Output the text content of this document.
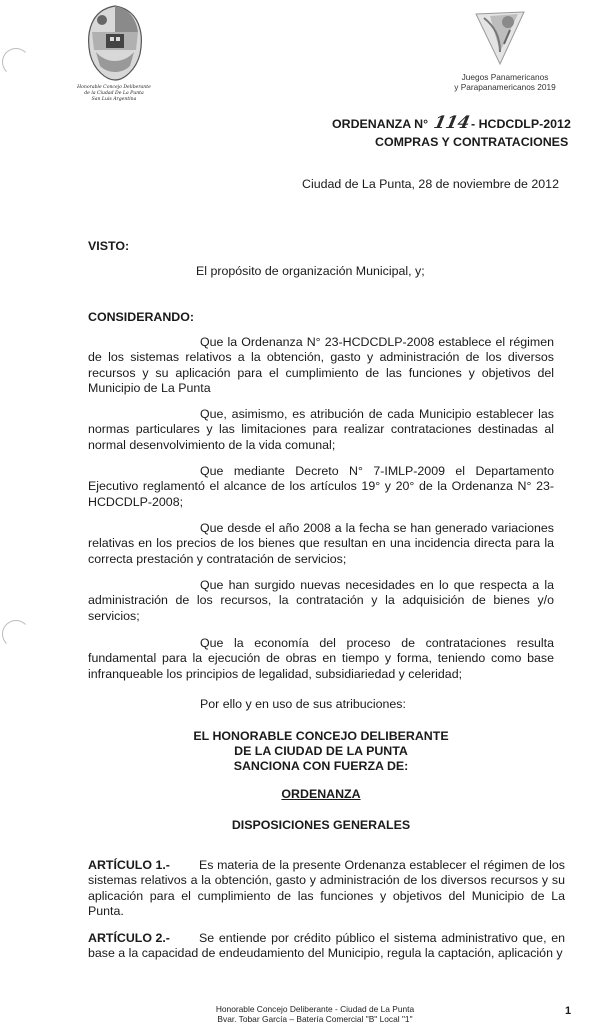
Honorable Concejo Deliberante
de la Ciudad De La Punta
San Luis Argentina
Juegos Panamericanos
y Parapanamericanos 2019
ORDENANZA N° 114- HCDCDLP-2012
COMPRAS Y CONTRATACIONES
Ciudad de La Punta, 28 de noviembre de 2012
VISTO:
El propósito de organización Municipal, y;
CONSIDERANDO:
Que la Ordenanza N° 23-HCDCDLP-2008 establece el régimen
de los sistemas relativos a la obtención, gasto y administración de los diversos recursos y su aplicación para el cumplimiento de las funciones y objetivos del Municipio de La Punta
Que, asimismo, es atribución de cada Municipio establecer las
normas particulares y las limitaciones para realizar contrataciones destinadas al normal desenvolvimiento de la vida comunal;
Que mediante Decreto N° 7-IMLP-2009 el Departamento
Ejecutivo reglamentó el alcance de los artículos 19° y 20° de la Ordenanza N° 23-HCDCDLP-2008;
Que desde el año 2008 a la fecha se han generado variaciones
relativas en los precios de los bienes que resultan en una incidencia directa para la correcta prestación y contratación de servicios;
Que han surgido nuevas necesidades en lo que respecta a la
administración de los recursos, la contratación y la adquisición de bienes y/o servicios;
Que la economía del proceso de contrataciones resulta
fundamental para la ejecución de obras en tiempo y forma, teniendo como base infranqueable los principios de legalidad, subsidiariedad y celeridad;
Por ello y en uso de sus atribuciones:
EL HONORABLE CONCEJO DELIBERANTE
DE LA CIUDAD DE LA PUNTA
SANCIONA CON FUERZA DE:
ORDENANZA
DISPOSICIONES GENERALES
ARTÍCULO 1.- Es materia de la presente Ordenanza establecer el régimen de los
sistemas relativos a la obtención, gasto y administración de los diversos recursos y su aplicación para el cumplimiento de las funciones y objetivos del Municipio de La Punta.
ARTÍCULO 2.- Se entiende por crédito público el sistema administrativo que, en
base a la capacidad de endeudamiento del Municipio, regula la captación, aplicación y
Honorable Concejo Deliberante - Ciudad de La Punta
Bvar. Tobar García – Batería Comercial "B" Local "1"
1
